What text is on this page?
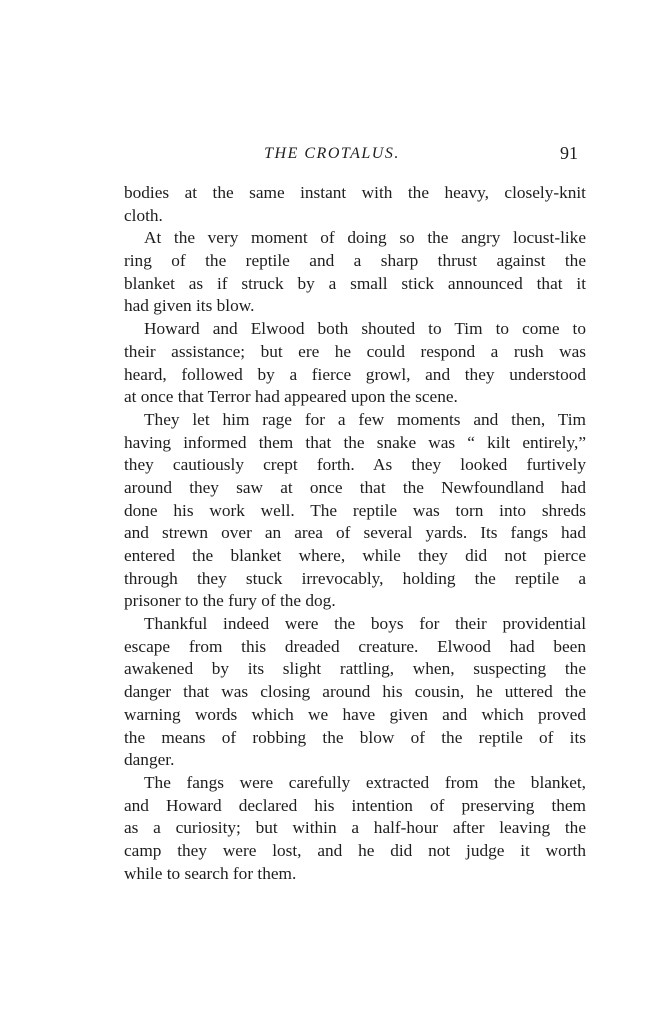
THE CROTALUS.	91
bodies at the same instant with the heavy, closely-knit
cloth.
At the very moment of doing so the angry locust-like
ring of the reptile and a sharp thrust against the
blanket as if struck by a small stick announced that it
had given its blow.
Howard and Elwood both shouted to Tim to come to
their assistance; but ere he could respond a rush was
heard, followed by a fierce growl, and they understood
at once that Terror had appeared upon the scene.
They let him rage for a few moments and then, Tim
having informed them that the snake was “ kilt entirely,”
they cautiously crept forth. As they looked furtively
around they saw at once that the Newfoundland had
done his work well. The reptile was torn into shreds
and strewn over an area of several yards. Its fangs had
entered the blanket where, while they did not pierce
through they stuck irrevocably, holding the reptile a
prisoner to the fury of the dog.
Thankful indeed were the boys for their providential
escape from this dreaded creature. Elwood had been
awakened by its slight rattling, when, suspecting the
danger that was closing around his cousin, he uttered the
warning words which we have given and which proved
the means of robbing the blow of the reptile of its
danger.
The fangs were carefully extracted from the blanket,
and Howard declared his intention of preserving them
as a curiosity; but within a half-hour after leaving the
camp they were lost, and he did not judge it worth
while to search for them.
